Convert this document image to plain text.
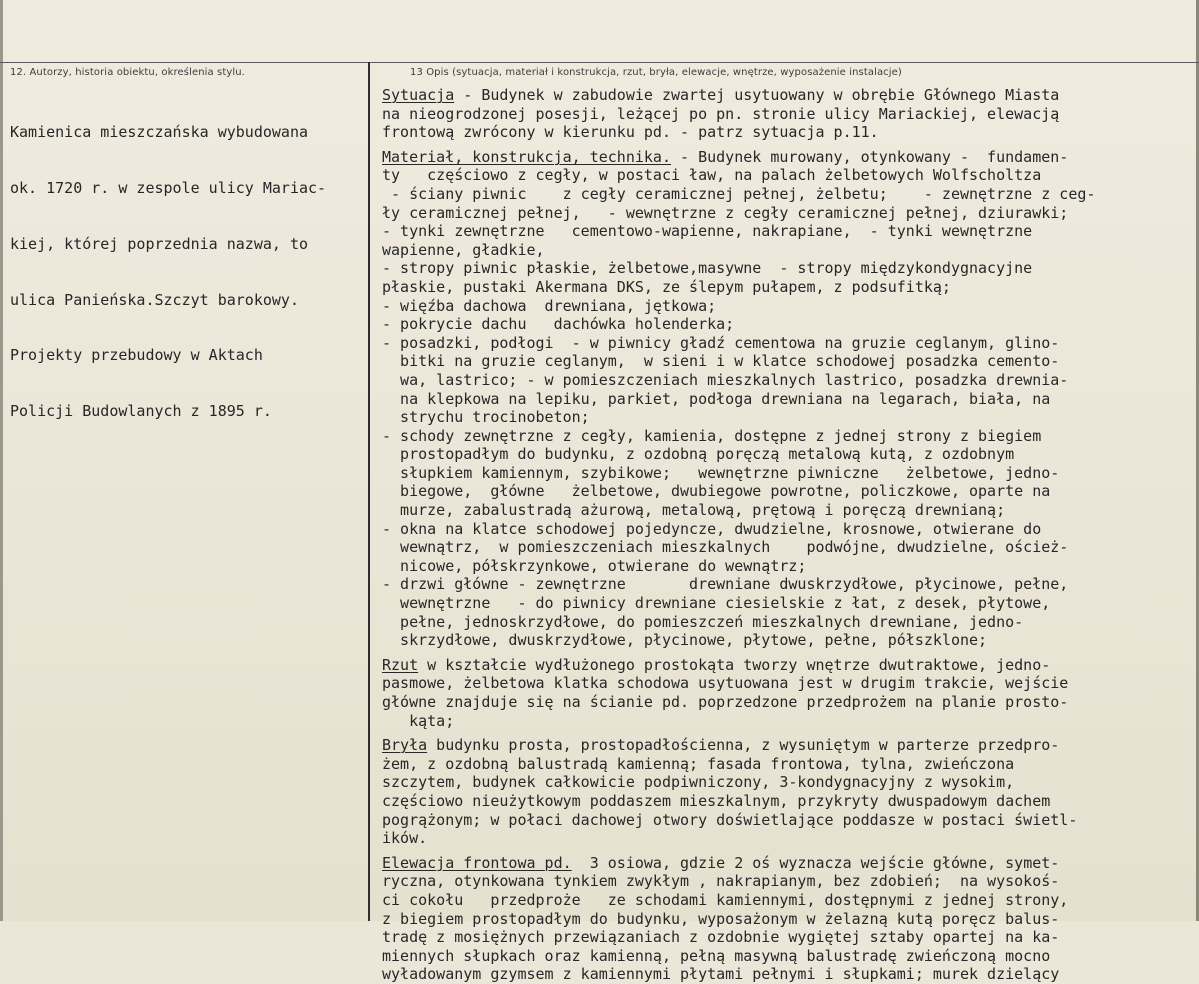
12. Autorzy, historia obiektu, określenia stylu.	13 Opis (sytuacja, materiał i konstrukcja, rzut, bryła, elewacje, wnętrze, wyposażenie instalacje)

Kamienica mieszczańska wybudowana

ok. 1720 r. w zespole ulicy Mariac-

kiej, której poprzednia nazwa, to

ulica Panieńska.Szczyt barokowy.

Projekty przebudowy w Aktach

Policji Budowlanych z 1895 r.

Sytuacja - Budynek w zabudowie zwartej usytuowany w obrębie Głównego Miasta
na nieogrodzonej posesji, leżącej po pn. stronie ulicy Mariackiej, elewacją
frontową zwrócony w kierunku pd. - patrz sytuacja p.11.
Materiał, konstrukcja, technika. - Budynek murowany, otynkowany -  fundamen-
ty   częściowo z cegły, w postaci ław, na palach żelbetowych Wolfscholtza
- ściany piwnic    z cegły ceramicznej pełnej, żelbetu;    - zewnętrzne z ceg-
ły ceramicznej pełnej,   - wewnętrzne z cegły ceramicznej pełnej, dziurawki;
- tynki zewnętrzne   cementowo-wapienne, nakrapiane,  - tynki wewnętrzne
wapienne, gładkie,
- stropy piwnic płaskie, żelbetowe,masywne  - stropy międzykondygnacyjne
płaskie, pustaki Akermana DKS, ze ślepym pułapem, z podsufitką;
- więźba dachowa  drewniana, jętkowa;
- pokrycie dachu   dachówka holenderka;
- posadzki, podłogi  - w piwnicy gładź cementowa na gruzie ceglanym, glino-
bitki na gruzie ceglanym,  w sieni i w klatce schodowej posadzka cemento-
wa, lastrico; - w pomieszczeniach mieszkalnych lastrico, posadzka drewnia-
na klepkowa na lepiku, parkiet, podłoga drewniana na legarach, biała, na
strychu trocinobeton;
- schody zewnętrzne z cegły, kamienia, dostępne z jednej strony z biegiem
prostopadłym do budynku, z ozdobną poręczą metalową kutą, z ozdobnym
słupkiem kamiennym, szybikowe;   wewnętrzne piwniczne   żelbetowe, jedno-
biegowe,  główne   żelbetowe, dwubiegowe powrotne, policzkowe, oparte na
murze, zabalustradą ażurową, metalową, prętową i poręczą drewnianą;
- okna na klatce schodowej pojedyncze, dwudzielne, krosnowe, otwierane do
wewnątrz,  w pomieszczeniach mieszkalnych    podwójne, dwudzielne, oścież-
nicowe, półskrzynkowe, otwierane do wewnątrz;
- drzwi główne - zewnętrzne       drewniane dwuskrzydłowe, płycinowe, pełne,
wewnętrzne   - do piwnicy drewniane ciesielskie z łat, z desek, płytowe,
pełne, jednoskrzydłowe, do pomieszczeń mieszkalnych drewniane, jedno-
skrzydłowe, dwuskrzydłowe, płycinowe, płytowe, pełne, półszklone;
Rzut w kształcie wydłużonego prostokąta tworzy wnętrze dwutraktowe, jedno-
pasmowe, żelbetowa klatka schodowa usytuowana jest w drugim trakcie, wejście
główne znajduje się na ścianie pd. poprzedzone przedprożem na planie prosto-
kąta;
Bryła budynku prosta, prostopadłościenna, z wysuniętym w parterze przedpro-
żem, z ozdobną balustradą kamienną; fasada frontowa, tylna, zwieńczona
szczytem, budynek całkowicie podpiwniczony, 3-kondygnacyjny z wysokim,
częściowo nieużytkowym poddaszem mieszkalnym, przykryty dwuspadowym dachem
pogrążonym; w połaci dachowej otwory doświetlające poddasze w postaci świetl-
ików.
Elewacja frontowa pd.  3 osiowa, gdzie 2 oś wyznacza wejście główne, symet-
ryczna, otynkowana tynkiem zwykłym , nakrapianym, bez zdobień;  na wysokoś-
ci cokołu   przedproże   ze schodami kamiennymi, dostępnymi z jednej strony,
z biegiem prostopadłym do budynku, wyposażonym w żelazną kutą poręcz balus-
tradę z mosiężnych przewiązaniach z ozdobnie wygiętej sztaby opartej na ka-
miennych słupkach oraz kamienną, pełną masywną balustradę zwieńczoną mocno
wyładowanym gzymsem z kamiennymi płytami pełnymi i słupkami; murek dzielący
